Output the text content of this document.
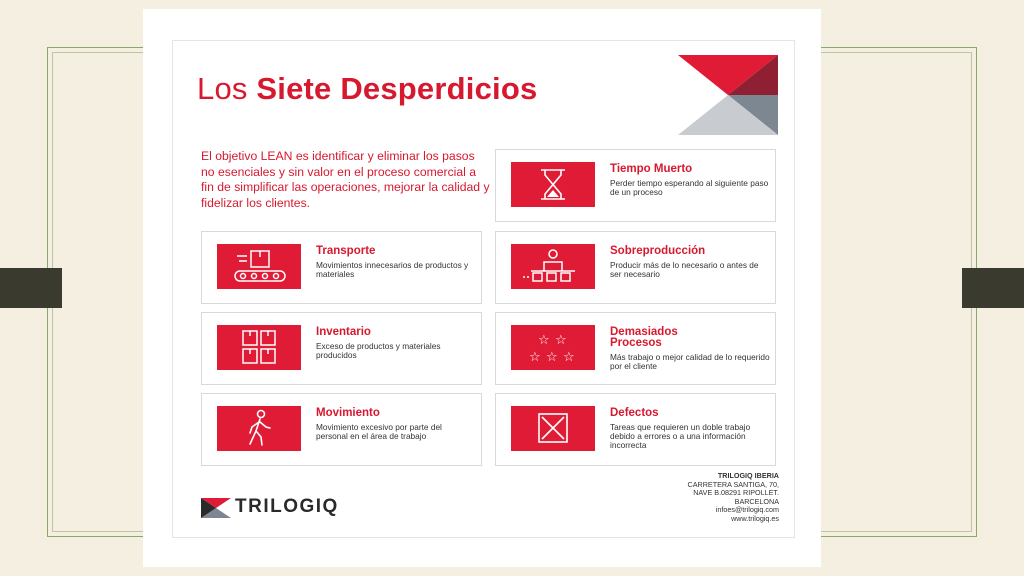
Los Siete Desperdicios
El objetivo LEAN es identificar y eliminar los pasos no esenciales y sin valor en el proceso comercial a fin de simplificar las operaciones, mejorar la calidad y fidelizar los clientes.
Tiempo Muerto
Perder tiempo esperando al siguiente paso de un proceso
Transporte
Movimientos innecesarios de productos y materiales
Sobreproducción
Producir más de lo necesario o antes de ser necesario
Inventario
Exceso de productos y materiales producidos
☆ ☆
☆ ☆ ☆
Demasiados
Procesos
Más trabajo o mejor calidad de lo requerido por el cliente
Movimiento
Movimiento excesivo por parte del personal en el área de trabajo
Defectos
Tareas que requieren un doble trabajo debido a errores o a una información incorrecta
TRILOGIQ
TRILOGIQ IBERIA
CARRETERA SANTIGA, 70,
NAVE B.08291 RIPOLLET.
BARCELONA
infoes@trilogiq.com
www.trilogiq.es
